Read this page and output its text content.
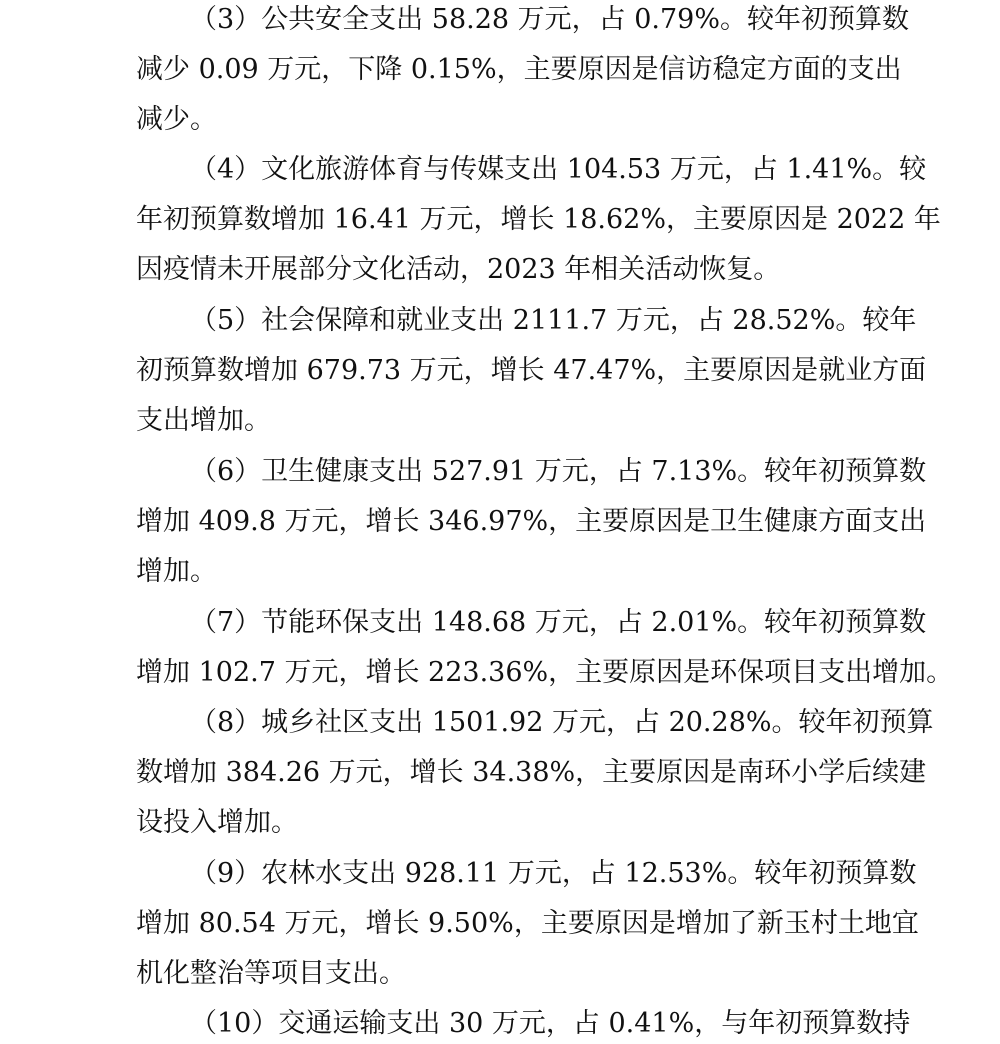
（3）公共安全支出 58.28 万元，占 0.79%。较年初预算数
减少 0.09 万元，下降 0.15%，主要原因是信访稳定方面的支出
减少。
（4）文化旅游体育与传媒支出 104.53 万元，占 1.41%。较
年初预算数增加 16.41 万元，增长 18.62%，主要原因是 2022 年
因疫情未开展部分文化活动，2023 年相关活动恢复。
（5）社会保障和就业支出 2111.7 万元，占 28.52%。较年
初预算数增加 679.73 万元，增长 47.47%，主要原因是就业方面
支出增加。
（6）卫生健康支出 527.91 万元，占 7.13%。较年初预算数
增加 409.8 万元，增长 346.97%，主要原因是卫生健康方面支出
增加。
（7）节能环保支出 148.68 万元，占 2.01%。较年初预算数
增加 102.7 万元，增长 223.36%，主要原因是环保项目支出增加。
（8）城乡社区支出 1501.92 万元，占 20.28%。较年初预算
数增加 384.26 万元，增长 34.38%，主要原因是南环小学后续建
设投入增加。
（9）农林水支出 928.11 万元，占 12.53%。较年初预算数
增加 80.54 万元，增长 9.50%，主要原因是增加了新玉村土地宜
机化整治等项目支出。
（10）交通运输支出 30 万元，占 0.41%，与年初预算数持
